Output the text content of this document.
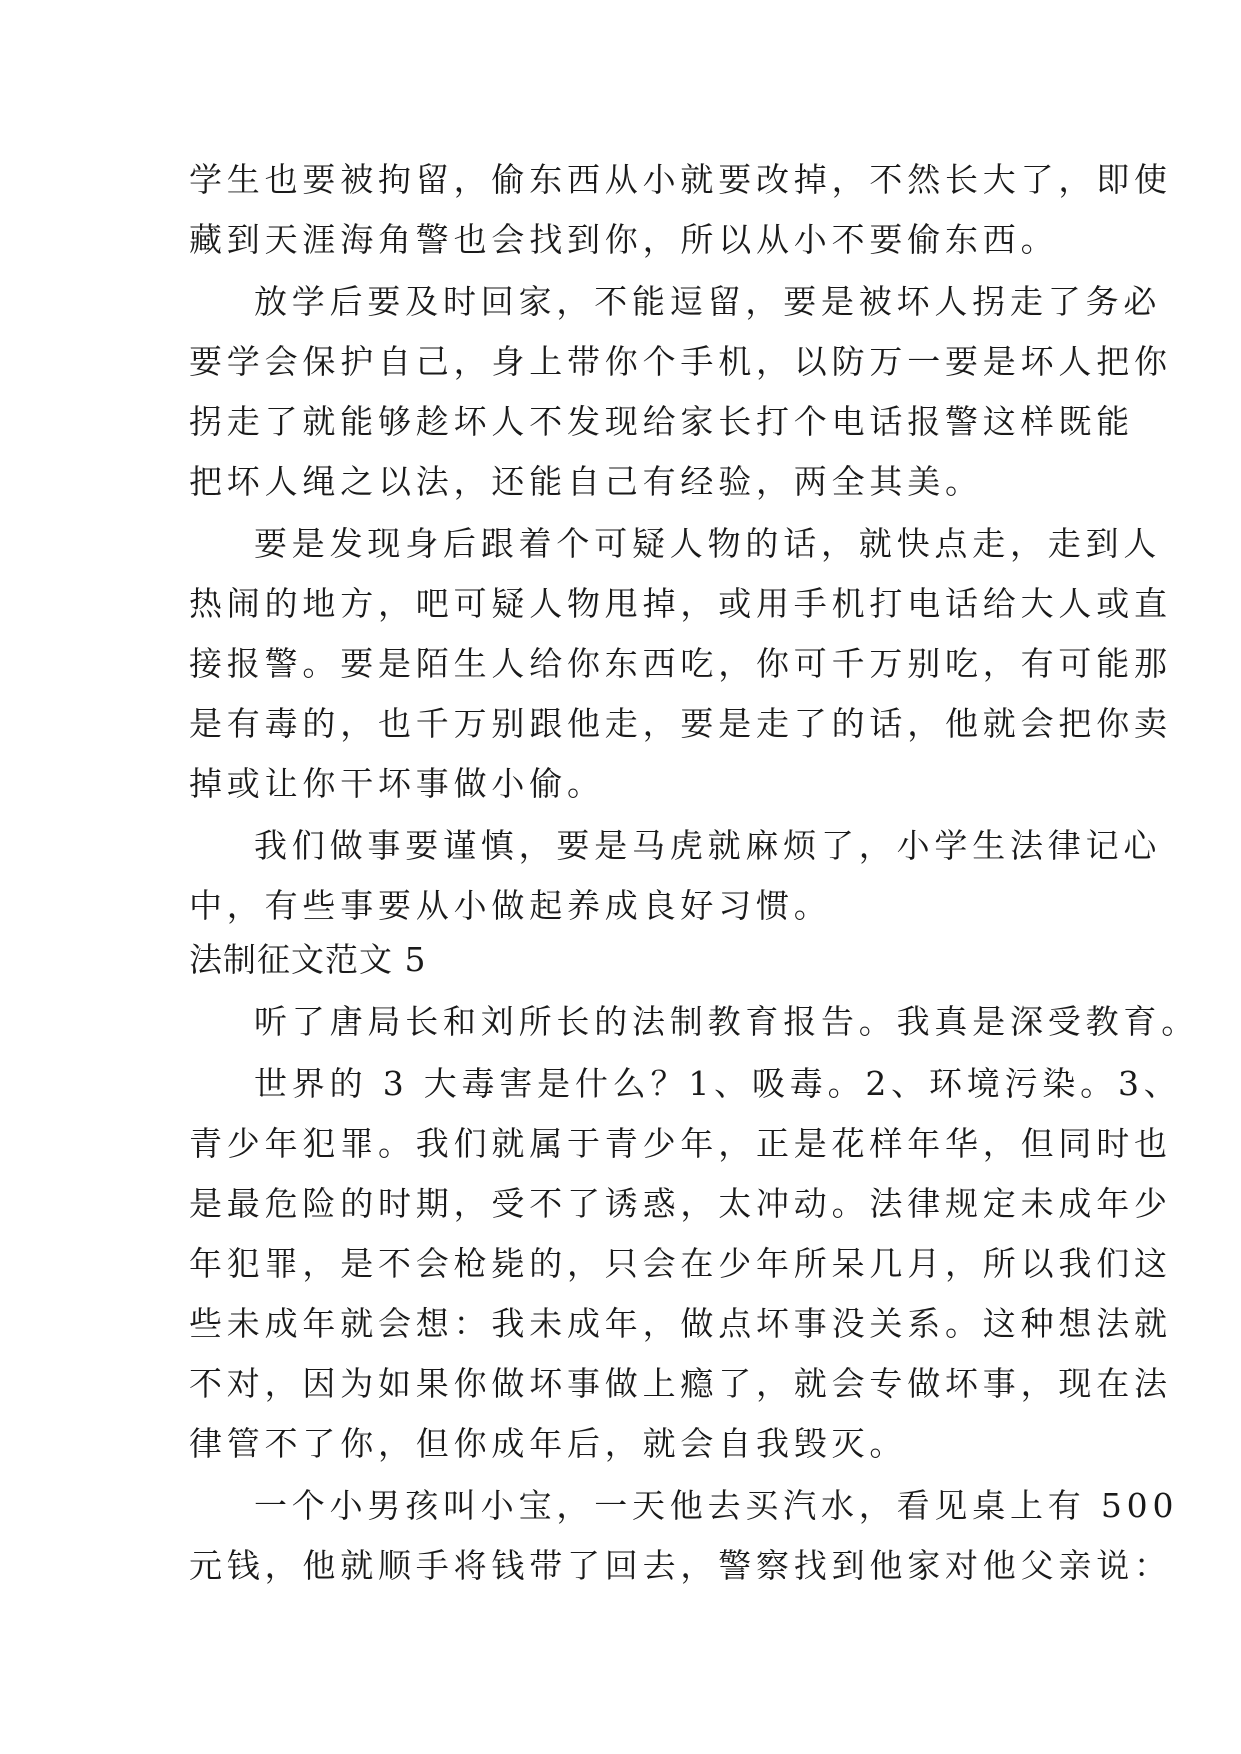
学生也要被拘留，偷东西从小就要改掉，不然长大了，即使

藏到天涯海角警也会找到你，所以从小不要偷东西。

放学后要及时回家，不能逗留，要是被坏人拐走了务必

要学会保护自己，身上带你个手机，以防万一要是坏人把你

拐走了就能够趁坏人不发现给家长打个电话报警这样既能

把坏人绳之以法，还能自己有经验，两全其美。

要是发现身后跟着个可疑人物的话，就快点走，走到人

热闹的地方，吧可疑人物甩掉，或用手机打电话给大人或直

接报警。要是陌生人给你东西吃，你可千万别吃，有可能那

是有毒的，也千万别跟他走，要是走了的话，他就会把你卖

掉或让你干坏事做小偷。

我们做事要谨慎，要是马虎就麻烦了，小学生法律记心

中，有些事要从小做起养成良好习惯。

法制征文范文 5

听了唐局长和刘所长的法制教育报告。我真是深受教育。

世界的 3 大毒害是什么？1、吸毒。2、环境污染。3、

青少年犯罪。我们就属于青少年，正是花样年华，但同时也

是最危险的时期，受不了诱惑，太冲动。法律规定未成年少

年犯罪，是不会枪毙的，只会在少年所呆几月，所以我们这

些未成年就会想：我未成年，做点坏事没关系。这种想法就

不对，因为如果你做坏事做上瘾了，就会专做坏事，现在法

律管不了你，但你成年后，就会自我毁灭。

一个小男孩叫小宝，一天他去买汽水，看见桌上有 500

元钱，他就顺手将钱带了回去，警察找到他家对他父亲说：
